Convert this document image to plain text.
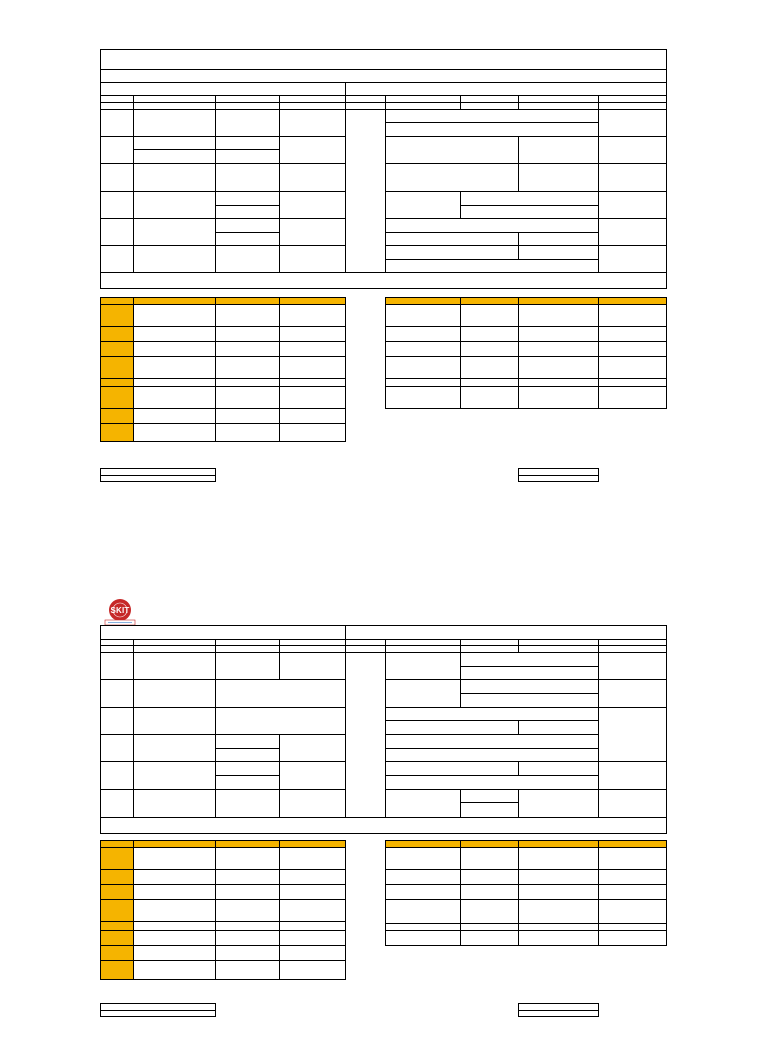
SKIT
